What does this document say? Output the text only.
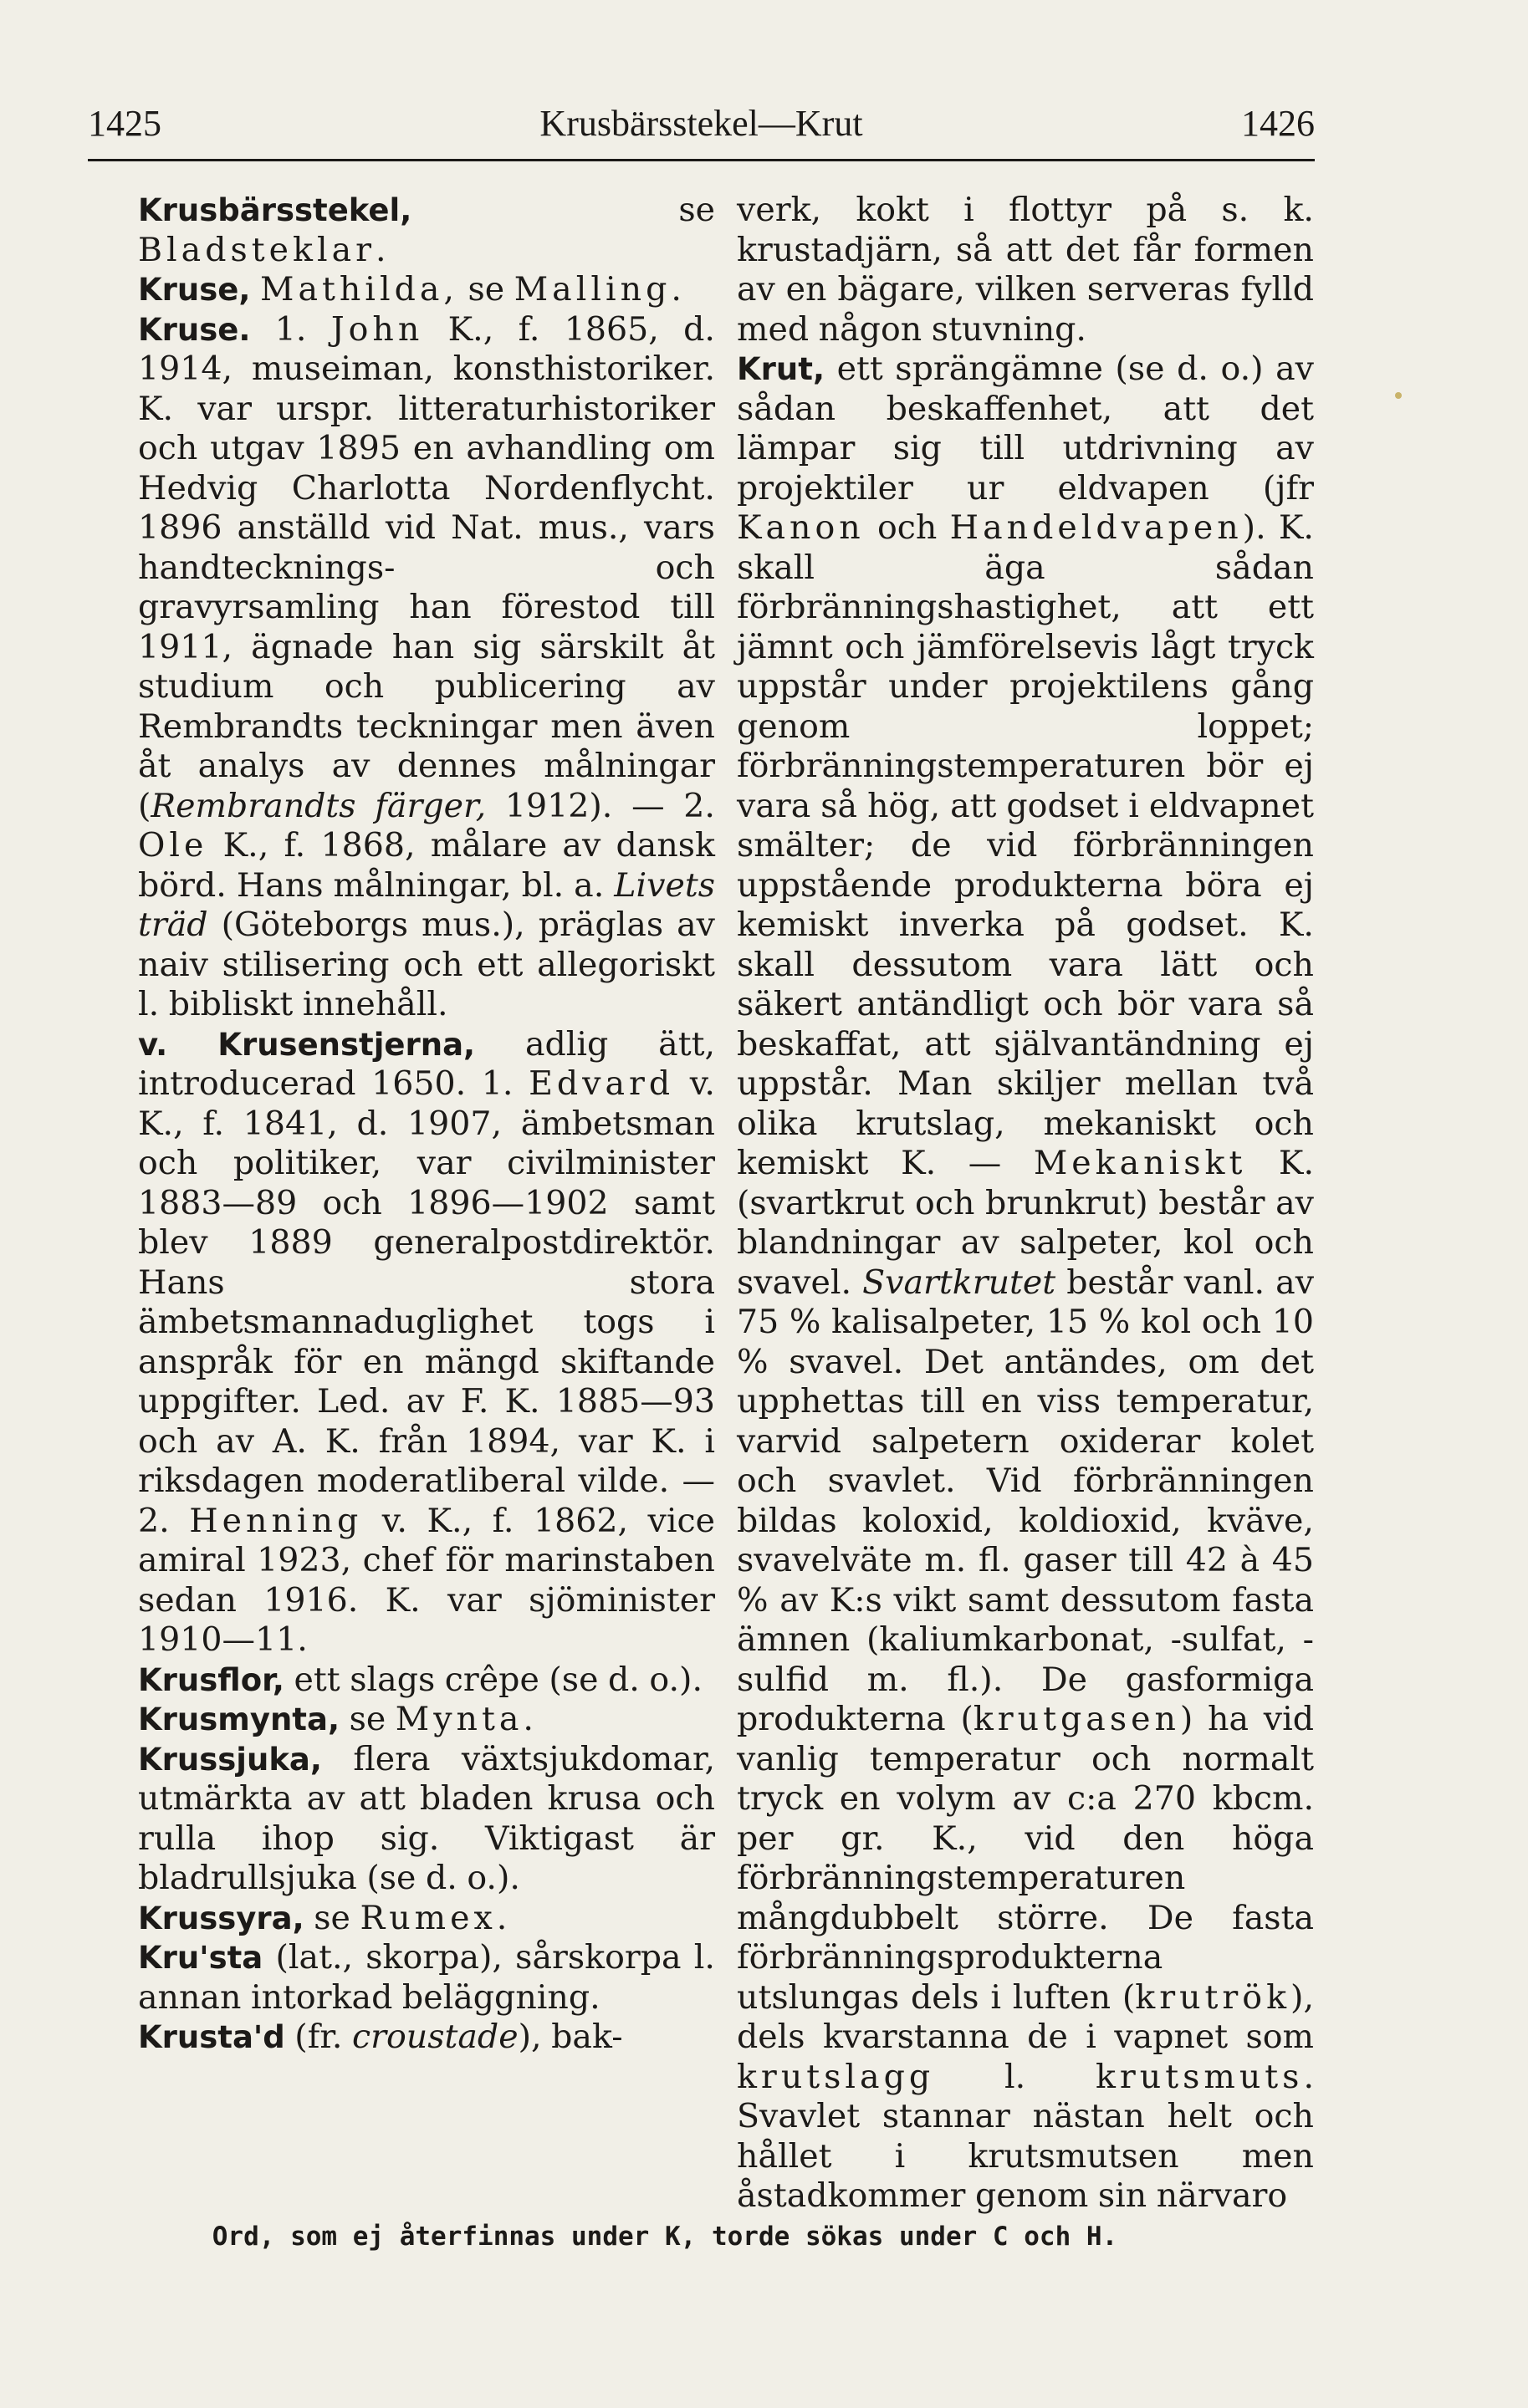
1425	Krusbärsstekel—Krut	1426

Krusbärsstekel, se Bladsteklar.

Kruse, Mathilda, se Malling.

Kruse. 1. John K., f. 1865, d. 1914, museiman, konsthistoriker. K. var urspr. litteraturhistoriker och utgav 1895 en avhandling om Hedvig Charlotta Nordenflycht. 1896 anställd vid Nat. mus., vars handtecknings- och gravyrsamling han förestod till 1911, ägnade han sig särskilt åt studium och publicering av Rembrandts teckningar men även åt analys av dennes målningar (Rembrandts färger, 1912). — 2. Ole K., f. 1868, målare av dansk börd. Hans målningar, bl. a. Livets träd (Göteborgs mus.), präglas av naiv stilisering och ett allegoriskt l. bibliskt innehåll.

v. Krusenstjerna, adlig ätt, introducerad 1650. 1. Edvard v. K., f. 1841, d. 1907, ämbetsman och politiker, var civilminister 1883—89 och 1896—1902 samt blev 1889 generalpostdirektör. Hans stora ämbetsmannaduglighet togs i anspråk för en mängd skiftande uppgifter. Led. av F. K. 1885—93 och av A. K. från 1894, var K. i riksdagen moderatliberal vilde. — 2. Henning v. K., f. 1862, vice amiral 1923, chef för marinstaben sedan 1916. K. var sjöminister 1910—11.

Krusflor, ett slags crêpe (se d. o.).

Krusmynta, se Mynta.

Krussjuka, flera växtsjukdomar, utmärkta av att bladen krusa och rulla ihop sig. Viktigast är bladrullsjuka (se d. o.).

Krussyra, se Rumex.

Kru'sta (lat., skorpa), sårskorpa l. annan intorkad beläggning.

Krusta'd (fr. croustade), bak-

verk, kokt i flottyr på s. k. krustadjärn, så att det får formen av en bägare, vilken serveras fylld med någon stuvning.

Krut, ett sprängämne (se d. o.) av sådan beskaffenhet, att det lämpar sig till utdrivning av projektiler ur eldvapen (jfr Kanon och Handeldvapen). K. skall äga sådan förbränningshastighet, att ett jämnt och jämförelsevis lågt tryck uppstår under projektilens gång genom loppet; förbränningstemperaturen bör ej vara så hög, att godset i eldvapnet smälter; de vid förbränningen uppstående produkterna böra ej kemiskt inverka på godset. K. skall dessutom vara lätt och säkert antändligt och bör vara så beskaffat, att självantändning ej uppstår. Man skiljer mellan två olika krutslag, mekaniskt och kemiskt K. — Mekaniskt K. (svartkrut och brunkrut) består av blandningar av salpeter, kol och svavel. Svartkrutet består vanl. av 75 % kalisalpeter, 15 % kol och 10 % svavel. Det antändes, om det upphettas till en viss temperatur, varvid salpetern oxiderar kolet och svavlet. Vid förbränningen bildas koloxid, koldioxid, kväve, svavelväte m. fl. gaser till 42 à 45 % av K:s vikt samt dessutom fasta ämnen (kaliumkarbonat, -sulfat, -sulfid m. fl.). De gasformiga produkterna (krutgasen) ha vid vanlig temperatur och normalt tryck en volym av c:a 270 kbcm. per gr. K., vid den höga förbränningstemperaturen mångdubbelt större. De fasta förbränningsprodukterna utslungas dels i luften (krutrök), dels kvarstanna de i vapnet som krutslagg l. krutsmuts. Svavlet stannar nästan helt och hållet i krutsmutsen men åstadkommer genom sin närvaro

Ord, som ej återfinnas under K, torde sökas under C och H.
